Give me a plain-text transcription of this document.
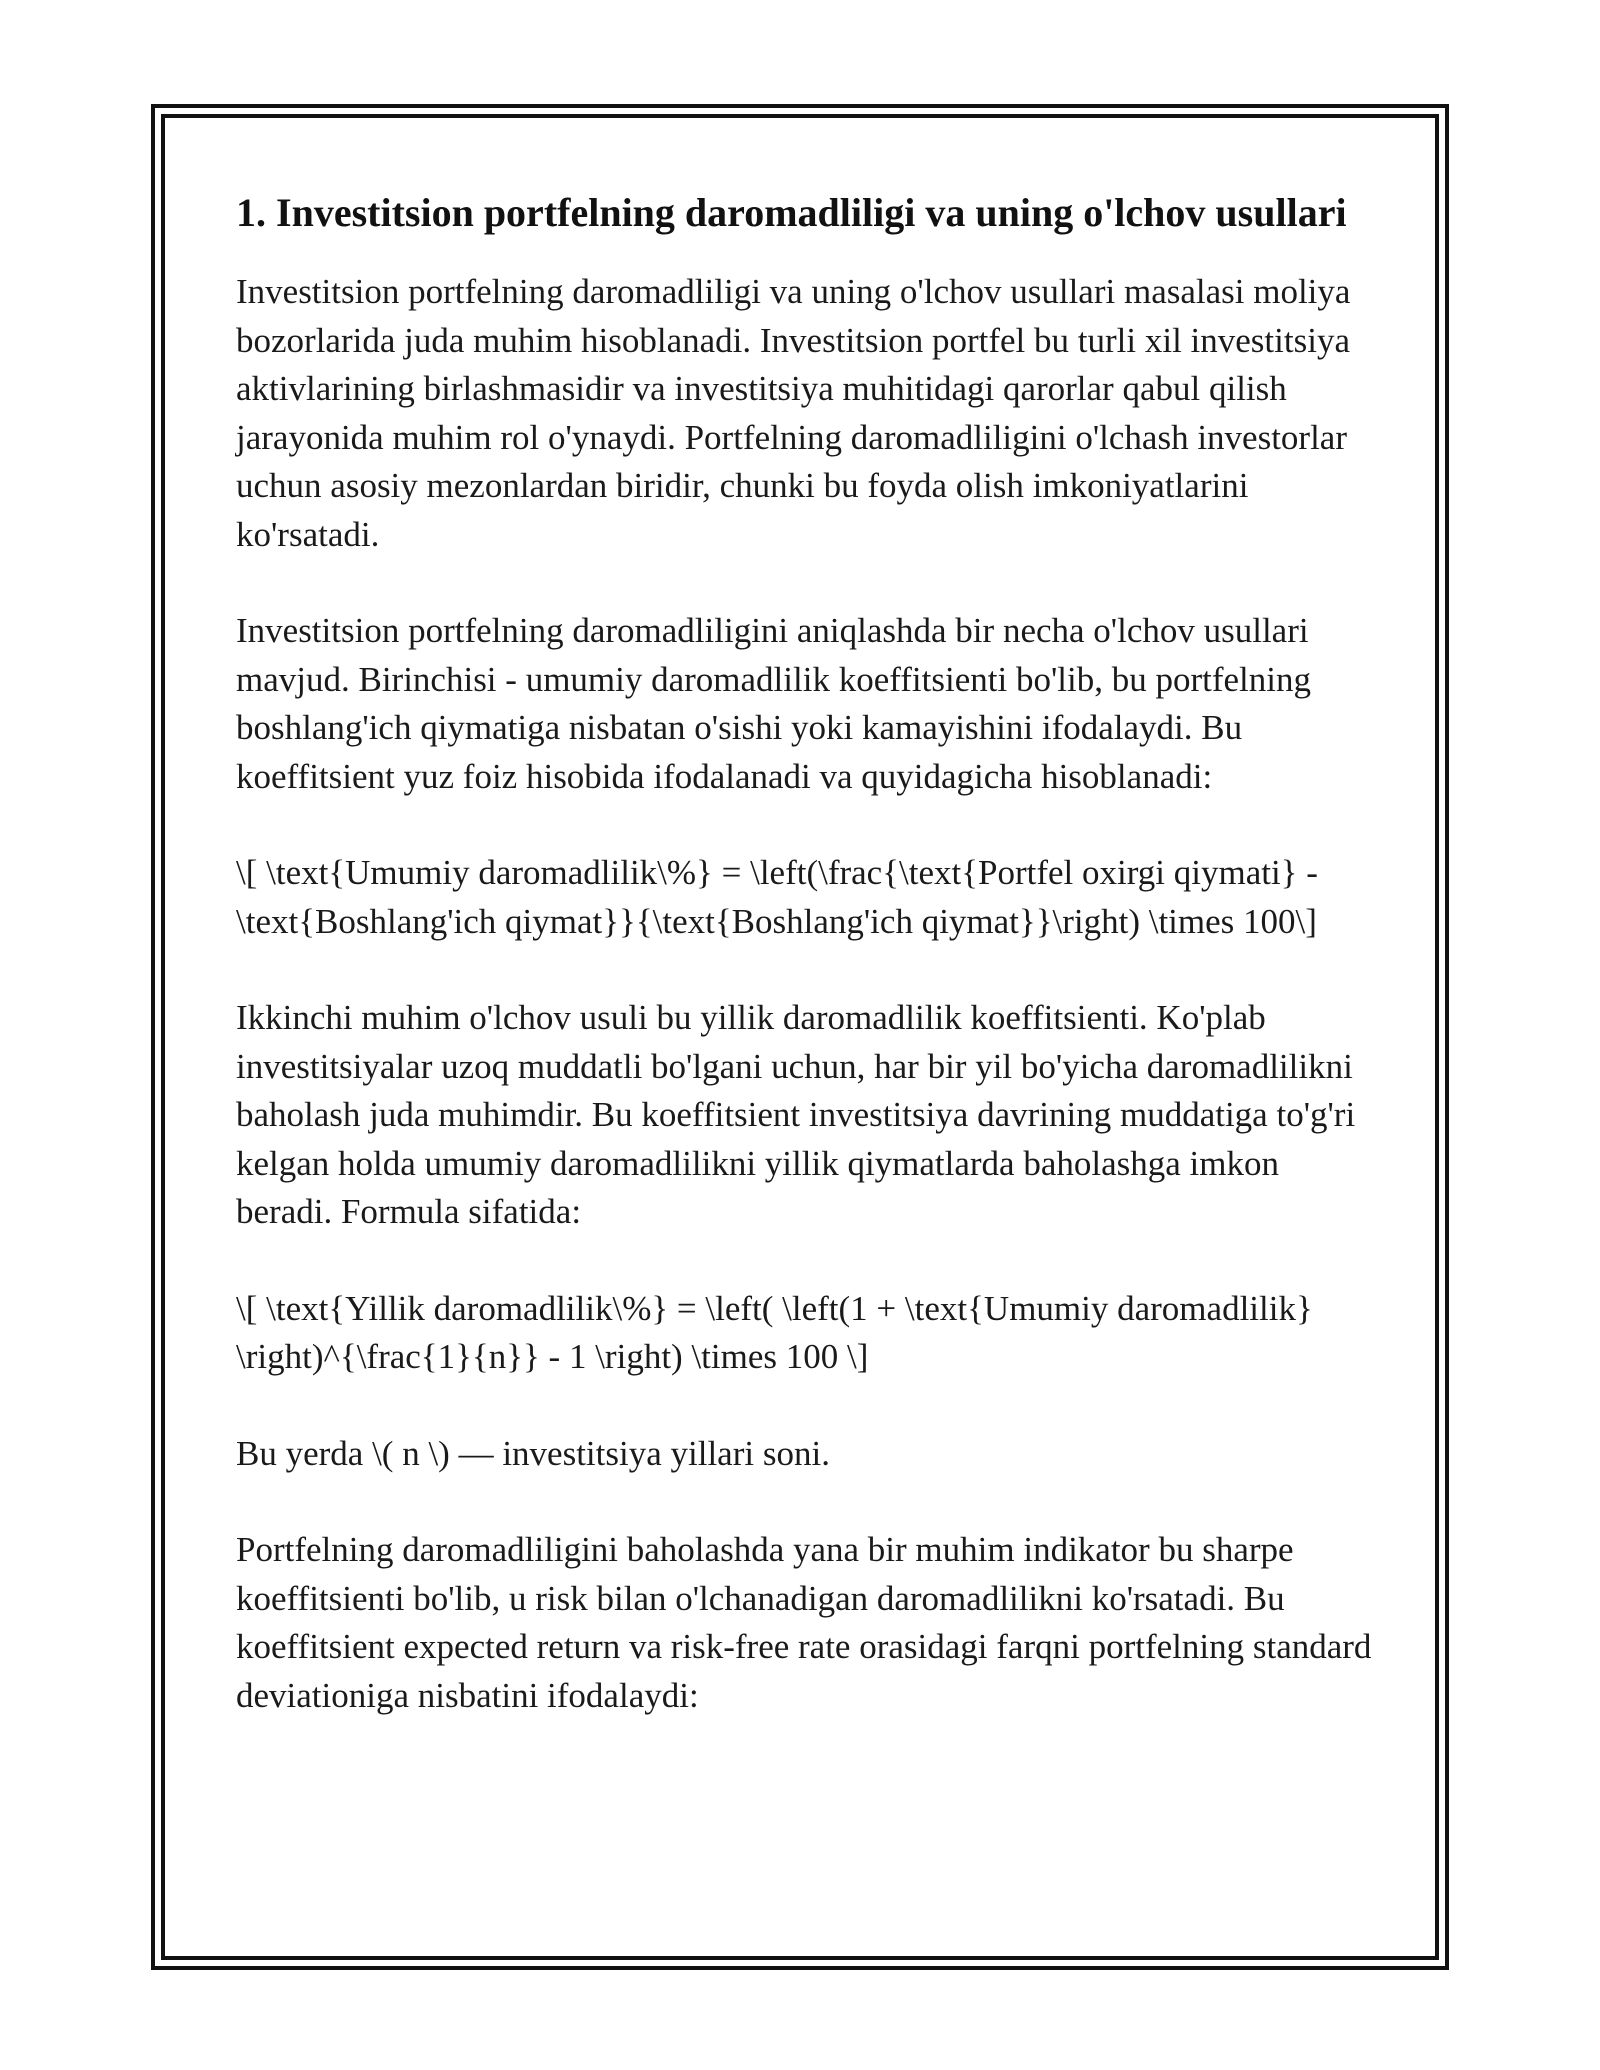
1. Investitsion portfelning daromadliligi va uning o'lchov usullari

Investitsion portfelning daromadliligi va uning o'lchov usullari masalasi moliya bozorlarida juda muhim hisoblanadi. Investitsion portfel bu turli xil investitsiya aktivlarining birlashmasidir va investitsiya muhitidagi qarorlar qabul qilish jarayonida muhim rol o'ynaydi. Portfelning daromadliligini o'lchash investorlar uchun asosiy mezonlardan biridir, chunki bu foyda olish imkoniyatlarini ko'rsatadi.

Investitsion portfelning daromadliligini aniqlashda bir necha o'lchov usullari mavjud. Birinchisi - umumiy daromadlilik koeffitsienti bo'lib, bu portfelning boshlang'ich qiymatiga nisbatan o'sishi yoki kamayishini ifodalaydi. Bu koeffitsient yuz foiz hisobida ifodalanadi va quyidagicha hisoblanadi:

\[ \text{Umumiy daromadlilik\%} = \left(\frac{\text{Portfel oxirgi qiymati} - \text{Boshlang'ich qiymat}}{\text{Boshlang'ich qiymat}}\right) \times 100\]

Ikkinchi muhim o'lchov usuli bu yillik daromadlilik koeffitsienti. Ko'plab investitsiyalar uzoq muddatli bo'lgani uchun, har bir yil bo'yicha daromadlilikni baholash juda muhimdir. Bu koeffitsient investitsiya davrining muddatiga to'g'ri kelgan holda umumiy daromadlilikni yillik qiymatlarda baholashga imkon beradi. Formula sifatida:

\[ \text{Yillik daromadlilik\%} = \left( \left(1 + \text{Umumiy daromadlilik} \right)^{\frac{1}{n}} - 1 \right) \times 100 \]

Bu yerda \( n \) — investitsiya yillari soni.

Portfelning daromadliligini baholashda yana bir muhim indikator bu sharpe koeffitsienti bo'lib, u risk bilan o'lchanadigan daromadlilikni ko'rsatadi. Bu koeffitsient expected return va risk-free rate orasidagi farqni portfelning standard deviationiga nisbatini ifodalaydi:
